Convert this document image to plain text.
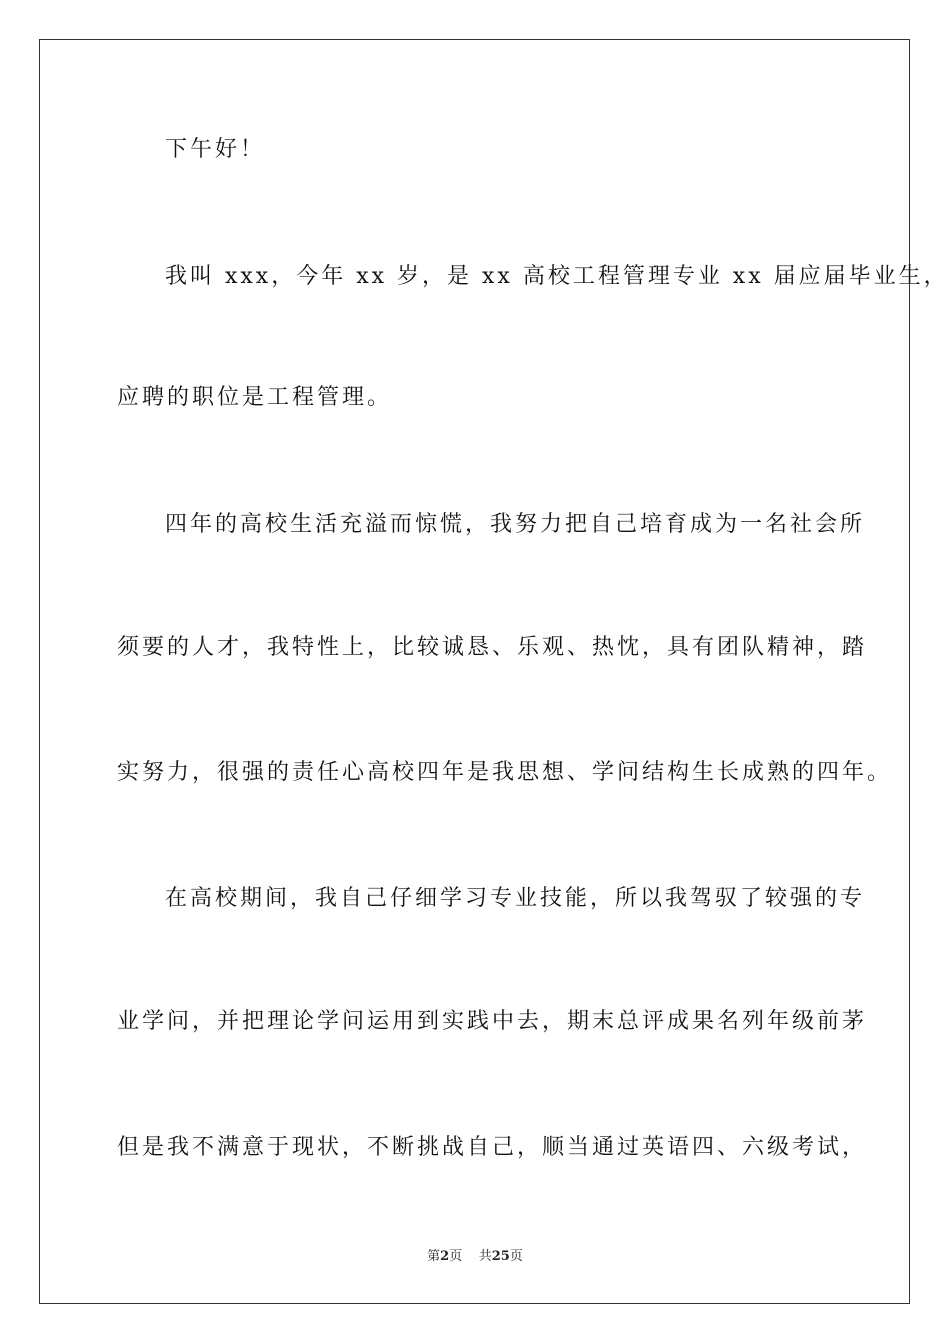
下午好！
我叫 xxx，今年 xx 岁，是 xx 高校工程管理专业 xx 届应届毕业生，
应聘的职位是工程管理。
四年的高校生活充溢而惊慌，我努力把自己培育成为一名社会所
须要的人才，我特性上，比较诚恳、乐观、热忱，具有团队精神，踏
实努力，很强的责任心高校四年是我思想、学问结构生长成熟的四年。
在高校期间，我自己仔细学习专业技能，所以我驾驭了较强的专
业学问，并把理论学问运用到实践中去，期末总评成果名列年级前茅
但是我不满意于现状，不断挑战自己，顺当通过英语四、六级考试，
第2页 共25页
